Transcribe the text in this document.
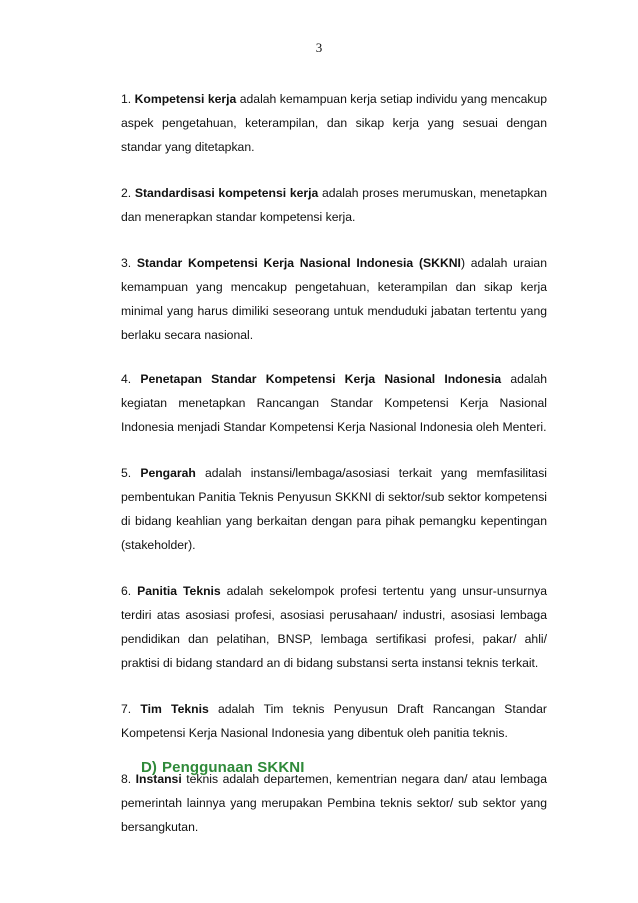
3

1. Kompetensi kerja adalah kemampuan kerja setiap individu yang mencakup aspek pengetahuan, keterampilan, dan sikap kerja yang sesuai dengan standar yang ditetapkan.

2. Standardisasi kompetensi kerja adalah proses merumuskan, menetapkan dan menerapkan standar kompetensi kerja.

3. Standar Kompetensi Kerja Nasional Indonesia (SKKNI) adalah uraian kemampuan yang mencakup pengetahuan, keterampilan dan sikap kerja minimal yang harus dimiliki seseorang untuk menduduki jabatan tertentu yang berlaku secara nasional.

4. Penetapan Standar Kompetensi Kerja Nasional Indonesia adalah kegiatan menetapkan Rancangan Standar Kompetensi Kerja Nasional Indonesia menjadi Standar Kompetensi Kerja Nasional Indonesia oleh Menteri.

5. Pengarah adalah instansi/lembaga/asosiasi terkait yang memfasilitasi pembentukan Panitia Teknis Penyusun SKKNI di sektor/sub sektor kompetensi di bidang keahlian yang berkaitan dengan para pihak pemangku kepentingan (stakeholder).

6. Panitia Teknis adalah sekelompok profesi tertentu yang unsur-unsurnya terdiri atas asosiasi profesi, asosiasi perusahaan/ industri, asosiasi lembaga pendidikan dan pelatihan, BNSP, lembaga sertifikasi profesi, pakar/ ahli/ praktisi di bidang standard an di bidang substansi serta instansi teknis terkait.

7. Tim Teknis adalah Tim teknis Penyusun Draft Rancangan Standar Kompetensi Kerja Nasional Indonesia yang dibentuk oleh panitia teknis.

8. Instansi teknis adalah departemen, kementrian negara dan/ atau lembaga pemerintah lainnya yang merupakan Pembina teknis sektor/ sub sektor yang bersangkutan.

D) Penggunaan SKKNI
